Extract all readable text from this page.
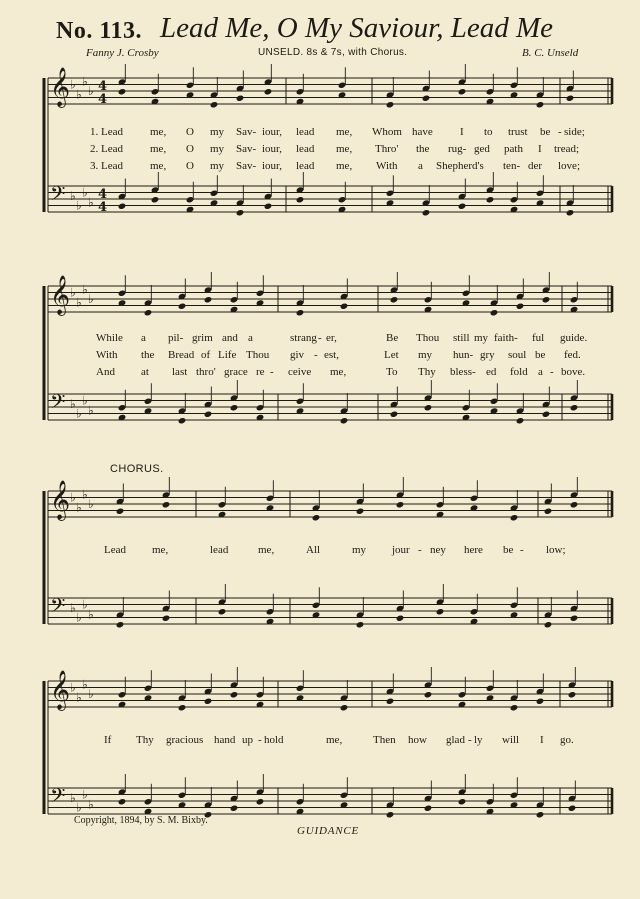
No. 113. Lead Me, O My Saviour, Lead Me
Fanny J. Crosby	UNSELD. 8s & 7s, with Chorus.	B. C. Unseld
𝄞
𝄢
♭
♭
♭
♭
♭
♭
♭
♭
4
4
4
4
𝄞
𝄢
♭
♭
♭
♭
♭
♭
♭
♭
𝄞
𝄢
♭
♭
♭
♭
♭
♭
♭
♭
𝄞
𝄢
♭
♭
♭
♭
♭
♭
♭
♭
1. Lead me, O my Sav- iour, lead me, Whom have I to trust be - side;
2. Lead me, O my Sav- iour, lead me, Thro' the rug- ged path I tread;
3. Lead me, O my Sav- iour, lead me, With a Shepherd's ten- der love;
While a pil- grim and a	strang - er,	Be Thou still my faith- ful guide.
With the Bread of Life Thou giv - est,	Let my hun- gry soul be fed.
And at last thro' grace re - ceive me,	To Thy bless- ed fold a - bove.
CHORUS.
Lead me,	lead	me,	All	my jour - ney here be - low;
If Thy gracious hand up - hold	me,	Then how glad - ly will I go.
Copyright, 1894, by S. M. Bixby.
GUIDANCE
